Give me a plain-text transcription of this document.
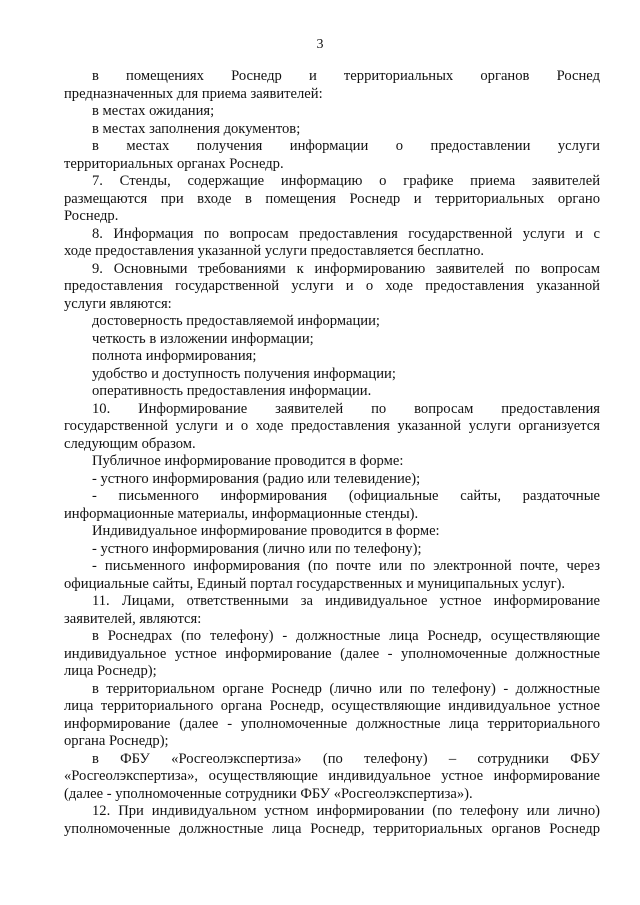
3
в помещениях Роснедр и территориальных органов Роснед
предназначенных для приема заявителей:
в местах ожидания;
в местах заполнения документов;
в местах получения информации о предоставлении услуги
территориальных органах Роснедр.
7. Стенды, содержащие информацию о графике приема заявителей
размещаются при входе в помещения Роснедр и территориальных органо
Роснедр.
8. Информация по вопросам предоставления государственной услуги и с
ходе предоставления указанной услуги предоставляется бесплатно.
9. Основными требованиями к информированию заявителей по вопросам
предоставления государственной услуги и о ходе предоставления указанной
услуги являются:
достоверность предоставляемой информации;
четкость в изложении информации;
полнота информирования;
удобство и доступность получения информации;
оперативность предоставления информации.
10. Информирование заявителей по вопросам предоставления
государственной услуги и о ходе предоставления указанной услуги организуется
следующим образом.
Публичное информирование проводится в форме:
- устного информирования (радио или телевидение);
- письменного информирования (официальные сайты, раздаточные
информационные материалы, информационные стенды).
Индивидуальное информирование проводится в форме:
- устного информирования (лично или по телефону);
- письменного информирования (по почте или по электронной почте, через
официальные сайты, Единый портал государственных и муниципальных услуг).
11. Лицами, ответственными за индивидуальное устное информирование
заявителей, являются:
в Роснедрах (по телефону) - должностные лица Роснедр, осуществляющие
индивидуальное устное информирование (далее - уполномоченные должностные
лица Роснедр);
в территориальном органе Роснедр (лично или по телефону) - должностные
лица территориального органа Роснедр, осуществляющие индивидуальное устное
информирование (далее - уполномоченные должностные лица территориального
органа Роснедр);
в ФБУ «Росгеолэкспертиза» (по телефону) – сотрудники ФБУ
«Росгеолэкспертиза», осуществляющие индивидуальное устное информирование
(далее - уполномоченные сотрудники ФБУ «Росгеолэкспертиза»).
12. При индивидуальном устном информировании (по телефону или лично)
уполномоченные должностные лица Роснедр, территориальных органов Роснедр
